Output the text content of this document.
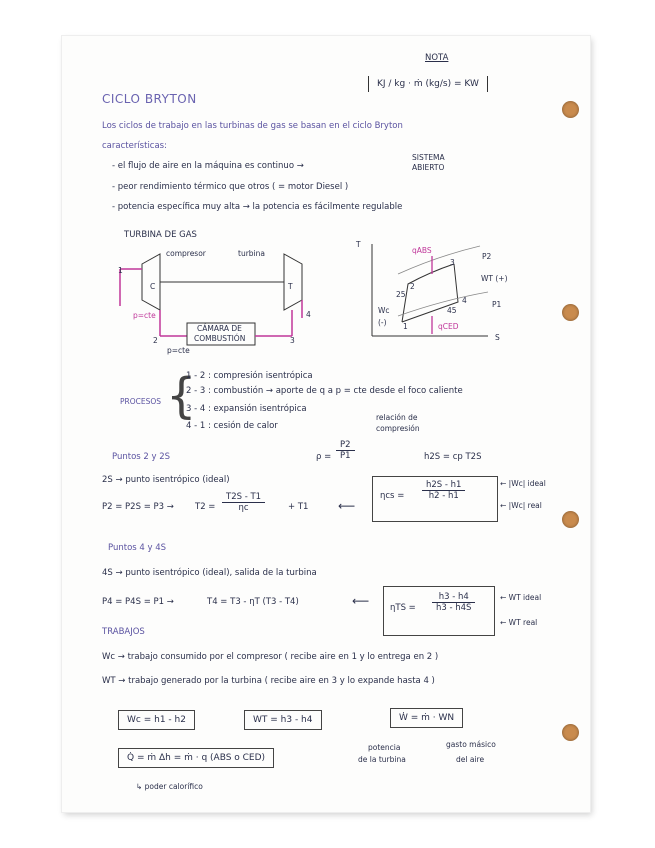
NOTA
KJ / kg · ṁ (kg/s) = KW
CICLO BRYTON
Los ciclos de trabajo en las turbinas de gas se basan en el ciclo Bryton
características:
- el flujo de aire en la máquina es continuo →
SISTEMA
ABIERTO
- peor rendimiento térmico que otros ( = motor Diesel )
- potencia específica muy alta → la potencia es fácilmente regulable
TURBINA DE GAS
compresor	turbina
C	T
1
2	3
4
p=cte
p=cte
CÁMARA DE
COMBUSTIÓN
T
S
qABS
qCED
WT (+)
Wc
(-)
P2
P1
1
2
25
3
4
45
PROCESOS {
1 - 2 : compresión isentrópica
2 - 3 : combustión → aporte de q a p = cte desde el foco caliente
3 - 4 : expansión isentrópica
4 - 1 : cesión de calor
relación de
compresión
Puntos 2 y 2S	$\rho = \frac{P2}{P1}$	h2S = cp T2S
2S → punto isentrópico (ideal)
$P2 = P2S = P3 \to T2 = \frac{T2S - T1}{\eta c}$	+ T1 ⟵
$\eta cs = \frac{h2S - h1}{h2 - h1}$	← |Wc| ideal
← |Wc| real
Puntos 4 y 4S
4S → punto isentrópico (ideal), salida de la turbina
P4 = P4S = P1 →	T4 = T3 - ηT (T3 - T4)	⟵ $\eta TS = \frac{h3 - h4}{h3 - h4S}$	← WT ideal
← WT real
TRABAJOS
Wc → trabajo consumido por el compresor ( recibe aire en 1 y lo entrega en 2 )
WT → trabajo generado por la turbina ( recibe aire en 3 y lo expande hasta 4 )
Wc = h1 - h2	WT = h3 - h4	Ẇ = ṁ · WN
potencia
de la turbina
gasto másico
del aire
Q̇ = ṁ Δh = ṁ · q (ABS o CED)
↳ poder calorífico
